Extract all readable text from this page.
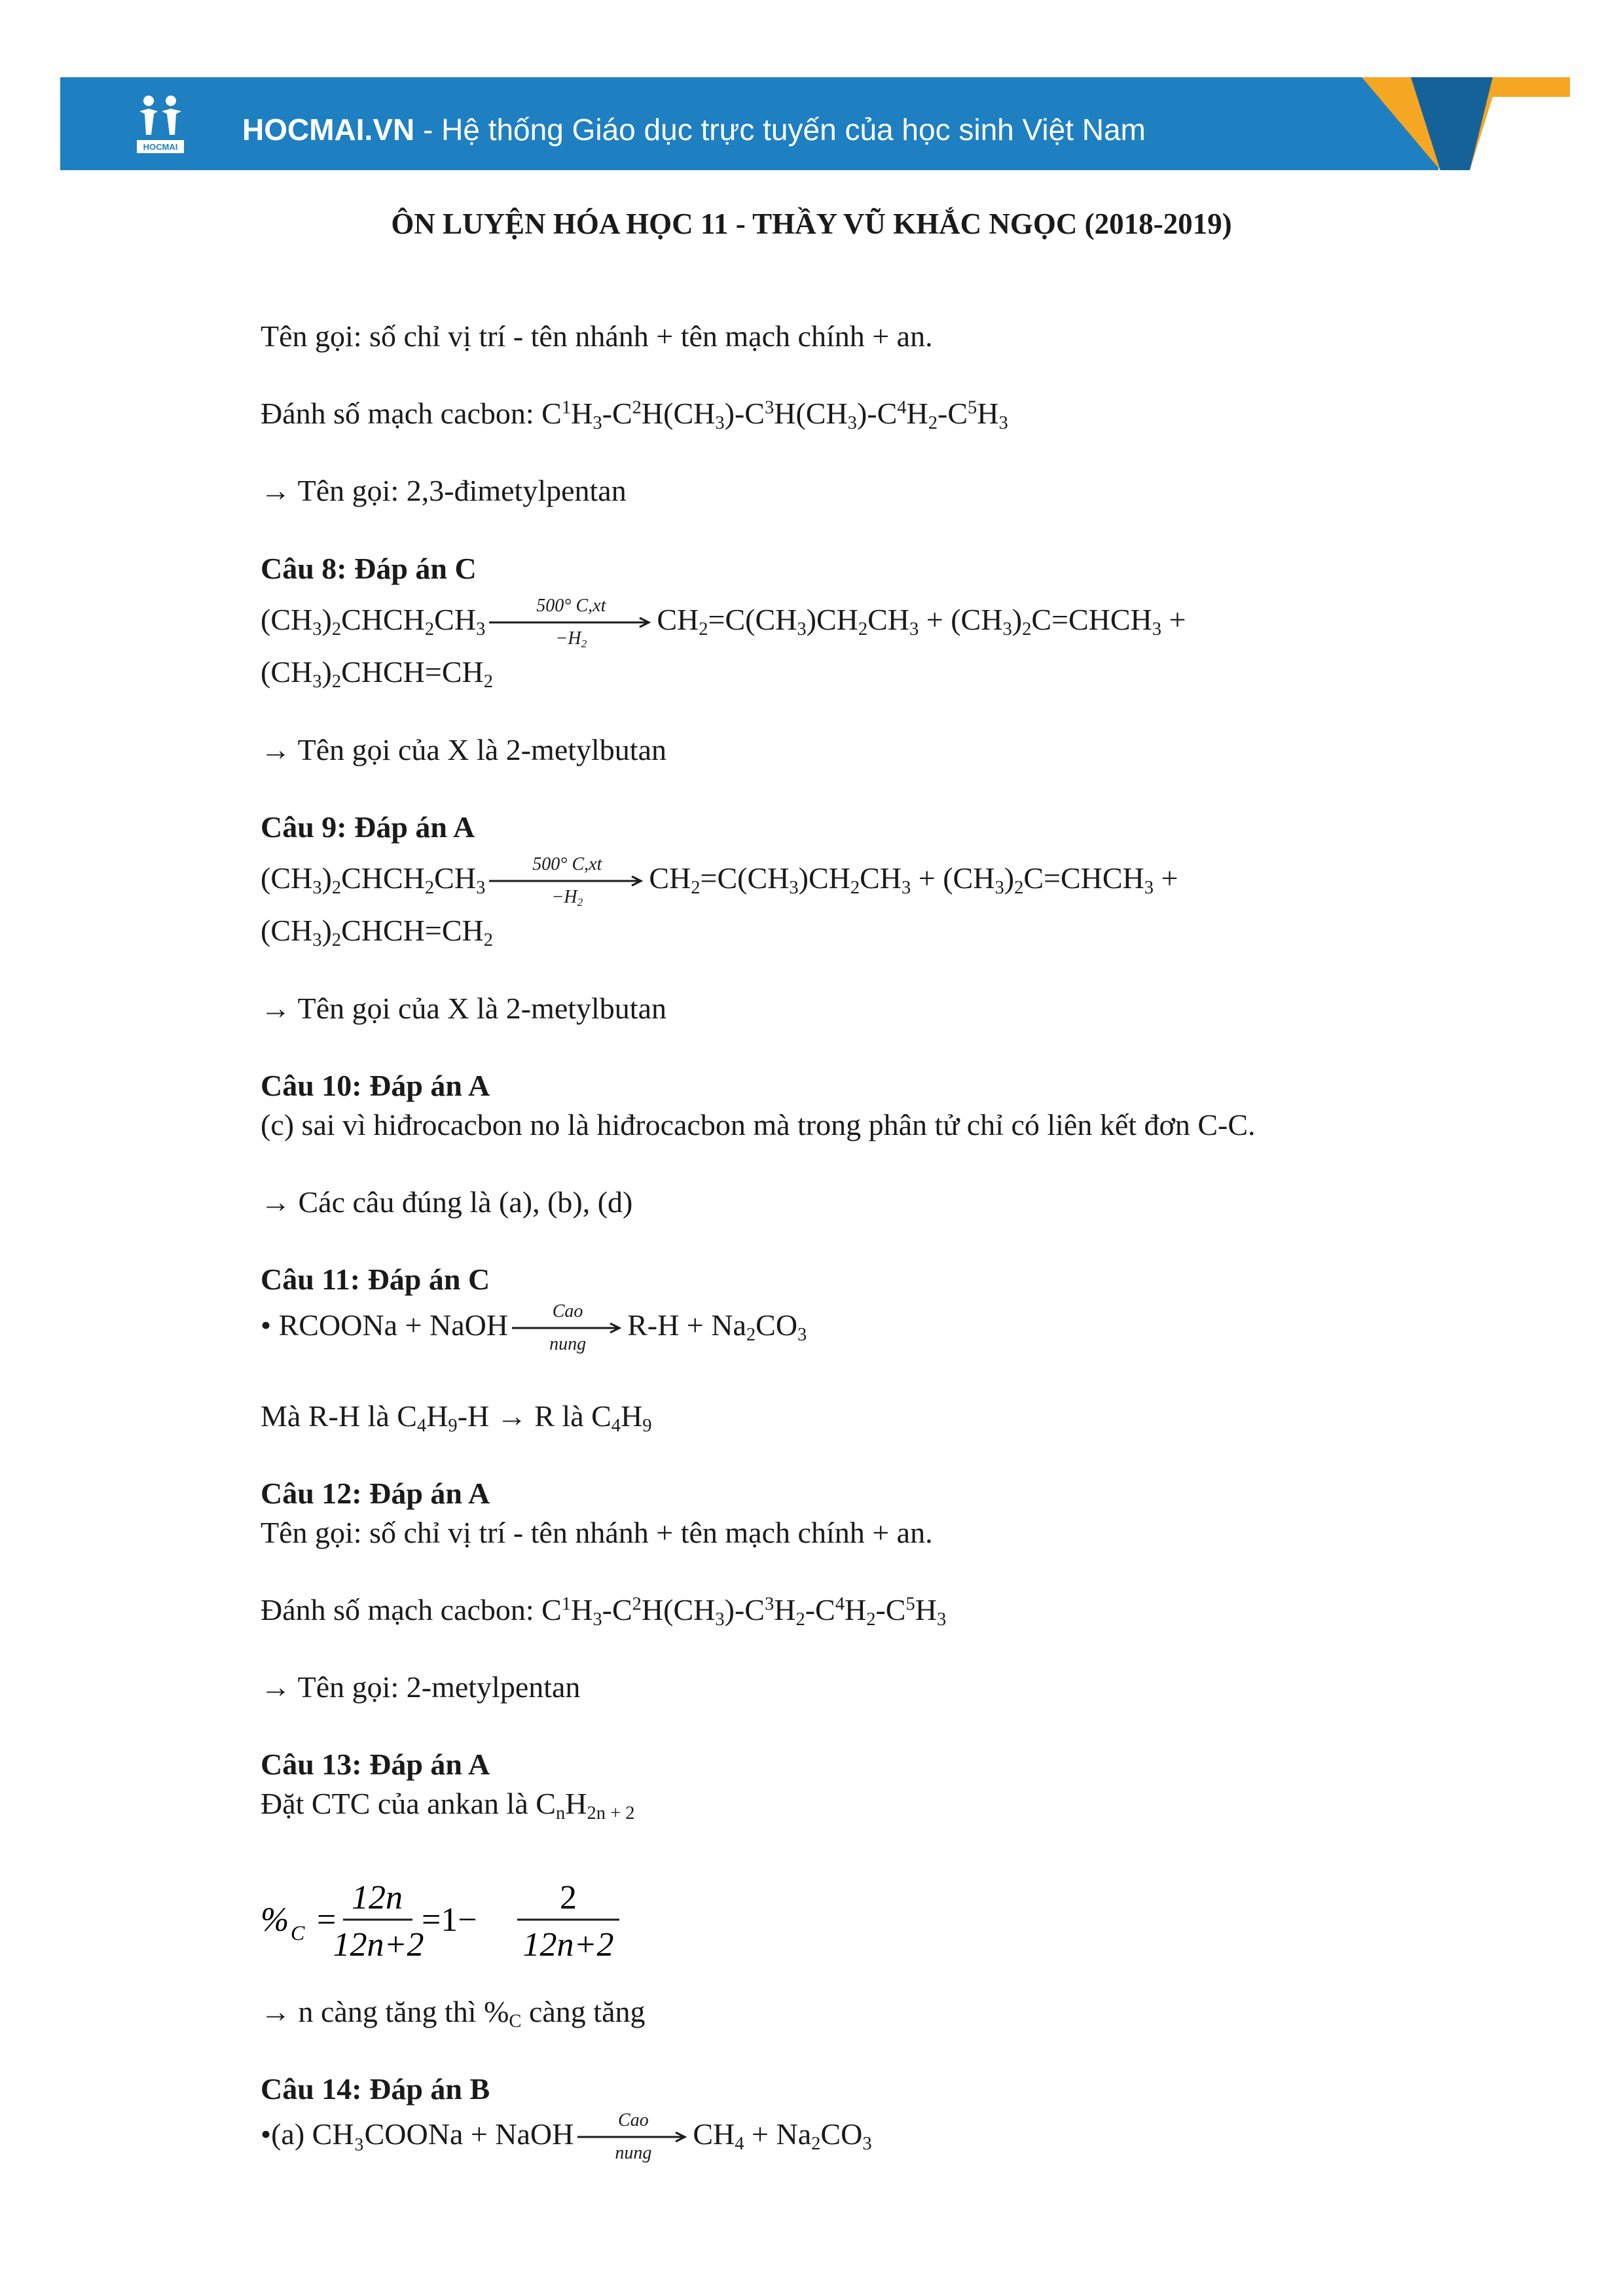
HOCMAI
HOCMAI.VN - Hệ thống Giáo dục trực tuyến của học sinh Việt Nam
ÔN LUYỆN HÓA HỌC 11 - THẦY VŨ KHẮC NGỌC (2018-2019)
Tên gọi: số chỉ vị trí - tên nhánh + tên mạch chính + an.
Đánh số mạch cacbon: $C^1H_3-C^2H(CH_3)-C^3H(CH_3)-C^4H_2-C^5H_3$
→ Tên gọi: 2,3-đimetylpentan
Câu 8: Đáp án C
$(CH_3)_2CHCH_2CH_3$
500° C,xt
$-H_2$
$CH_2=C(CH_3)CH_2CH_3$ + $(CH_3)_2C=CHCH_3$ +
$(CH_3)_2CHCH=CH_2$
→ Tên gọi của X là 2-metylbutan
Câu 9: Đáp án A
$(CH_3)_2CHCH_2CH_3$
500° C,xt
$-H_2$
$CH_2=C(CH_3)CH_2CH_3$ + $(CH_3)_2C=CHCH_3$ +
$(CH_3)_2CHCH=CH_2$
→ Tên gọi của X là 2-metylbutan
Câu 10: Đáp án A
(c) sai vì hiđrocacbon no là hiđrocacbon mà trong phân tử chỉ có liên kết đơn C-C.
→ Các câu đúng là (a), (b), (d)
Câu 11: Đáp án C
• RCOONa + NaOH	Cao
nung
$R-H + Na_2CO_3$
Mà R-H là $C_4H_9-H \to R$ là $C_4H_9$
Câu 12: Đáp án A
Tên gọi: số chỉ vị trí - tên nhánh + tên mạch chính + an.
Đánh số mạch cacbon: $C^1H_3-C^2H(CH_3)-C^3H_2-C^4H_2-C^5H_3$
→ Tên gọi: 2-metylpentan
Câu 13: Đáp án A
Đặt CTC của ankan là $C_nH_{2n + 2}$
% C =
12n
12n+2
=1−
2
12n+2
→ n càng tăng thì $\%_C$ càng tăng
Câu 14: Đáp án B
•(a) CH₃COONa + NaOH	Cao
nung
$CH_4 + Na_2CO_3$
